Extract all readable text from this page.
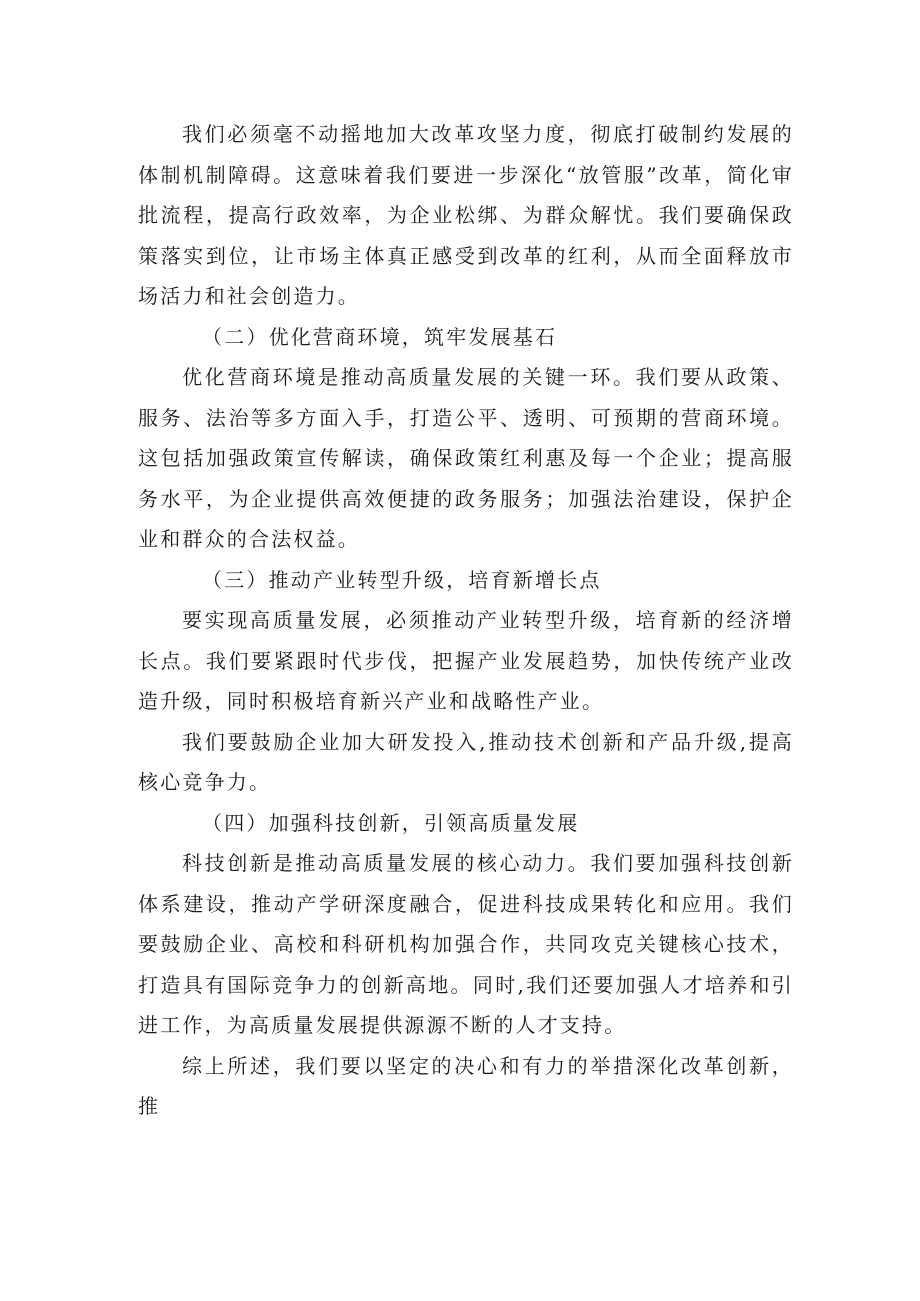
我们必须毫不动摇地加大改革攻坚力度，彻底打破制约发展的体制机制障碍。这意味着我们要进一步深化“放管服”改革，简化审批流程，提高行政效率，为企业松绑、为群众解忧。我们要确保政策落实到位，让市场主体真正感受到改革的红利，从而全面释放市场活力和社会创造力。

（二）优化营商环境，筑牢发展基石

优化营商环境是推动高质量发展的关键一环。我们要从政策、服务、法治等多方面入手，打造公平、透明、可预期的营商环境。这包括加强政策宣传解读，确保政策红利惠及每一个企业；提高服务水平，为企业提供高效便捷的政务服务；加强法治建设，保护企业和群众的合法权益。

（三）推动产业转型升级，培育新增长点

要实现高质量发展，必须推动产业转型升级，培育新的经济增长点。我们要紧跟时代步伐，把握产业发展趋势，加快传统产业改造升级，同时积极培育新兴产业和战略性产业。

我们要鼓励企业加大研发投入,推动技术创新和产品升级,提高核心竞争力。

（四）加强科技创新，引领高质量发展

科技创新是推动高质量发展的核心动力。我们要加强科技创新体系建设，推动产学研深度融合，促进科技成果转化和应用。我们要鼓励企业、高校和科研机构加强合作，共同攻克关键核心技术，打造具有国际竞争力的创新高地。同时,我们还要加强人才培养和引进工作，为高质量发展提供源源不断的人才支持。

综上所述，我们要以坚定的决心和有力的举措深化改革创新，推
